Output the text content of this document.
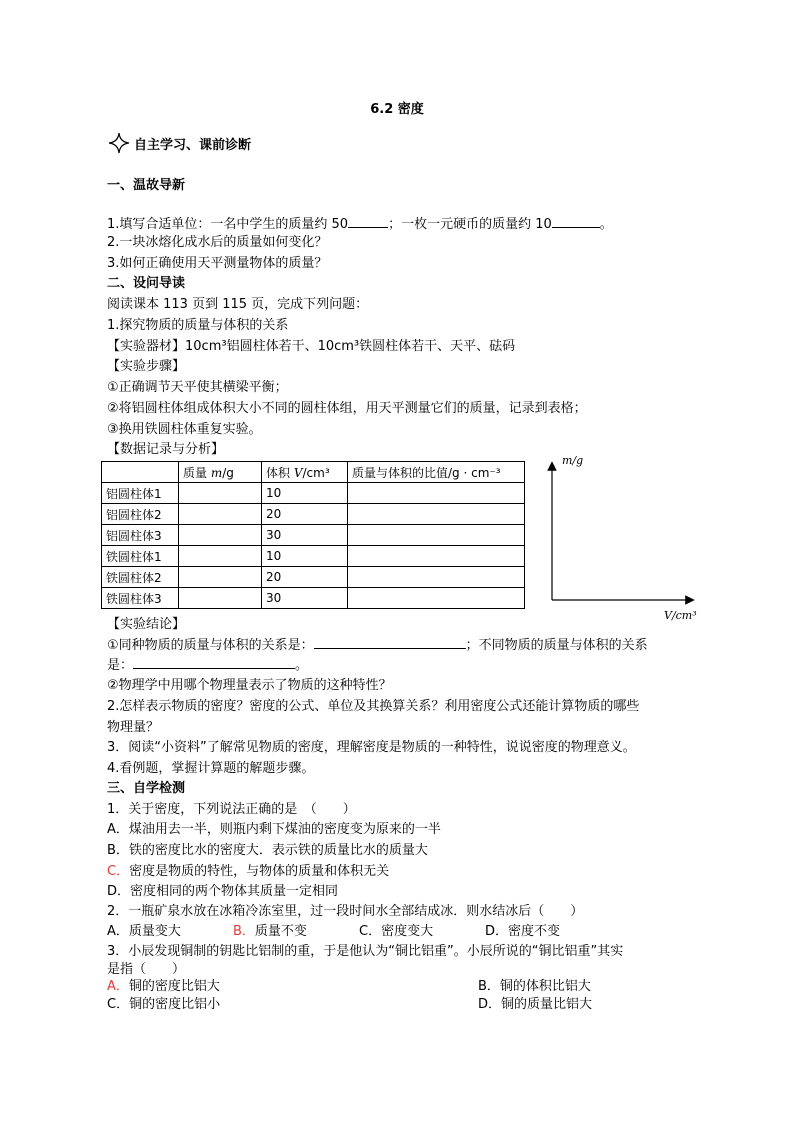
6.2 密度
自主学习、课前诊断
一、温故导新
1.填写合适单位：一名中学生的质量约 50	；一枚一元硬币的质量约 10	。
2.一块冰熔化成水后的质量如何变化？
3.如何正确使用天平测量物体的质量？
二、设问导读
阅读课本 113 页到 115 页，完成下列问题：
1.探究物质的质量与体积的关系
【实验器材】10cm³铝圆柱体若干、10cm³铁圆柱体若干、天平、砝码
【实验步骤】
①正确调节天平使其横梁平衡；
②将铝圆柱体组成体积大小不同的圆柱体组，用天平测量它们的质量，记录到表格；
③换用铁圆柱体重复实验。
【数据记录与分析】
	质量 m/g	体积 V/cm³	质量与体积的比值/g · cm⁻³
铝圆柱体1		10	
铝圆柱体2		20	
铝圆柱体3		30	
铁圆柱体1		10	
铁圆柱体2		20	
铁圆柱体3		30	
m/g
V/cm³
【实验结论】
①同种物质的质量与体积的关系是：	；不同物质的质量与体积的关系
是：	。
②物理学中用哪个物理量表示了物质的这种特性？
2.怎样表示物质的密度？密度的公式、单位及其换算关系？利用密度公式还能计算物质的哪些
物理量？
3．阅读“小资料”了解常见物质的密度，理解密度是物质的一种特性，说说密度的物理意义。
4.看例题，掌握计算题的解题步骤。
三、自学检测
1．关于密度，下列说法正确的是　（　　）
A．煤油用去一半，则瓶内剩下煤油的密度变为原来的一半
B．铁的密度比水的密度大．表示铁的质量比水的质量大
C．密度是物质的特性，与物体的质量和体积无关
D．密度相同的两个物体其质量一定相同
2．一瓶矿泉水放在冰箱冷冻室里，过一段时间水全部结成冰．则水结冰后（　　）
A．质量变大	B．质量不变	C．密度变大	D．密度不变
3．小辰发现铜制的钥匙比铝制的重，于是他认为“铜比铝重”。小辰所说的“铜比铝重”其实
是指（　　）
A．铜的密度比铝大	B．铜的体积比铝大
C．铜的密度比铝小	D．铜的质量比铝大
